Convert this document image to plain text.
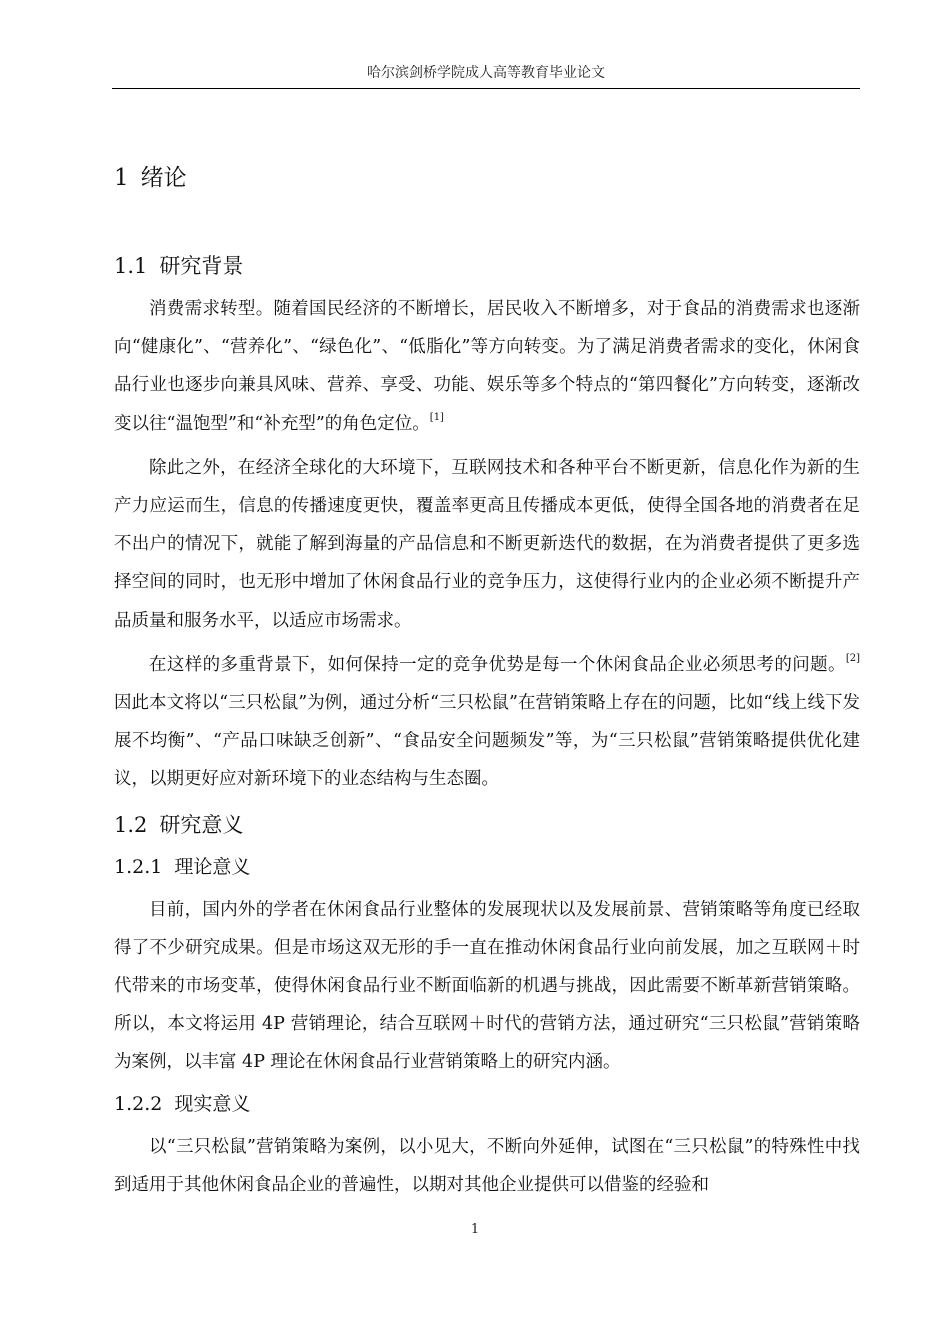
哈尔滨剑桥学院成人高等教育毕业论文
1 绪论
1.1 研究背景

消费需求转型。随着国民经济的不断增长，居民收入不断增多，对于食品的消费需求也逐渐向“健康化”、“营养化”、“绿色化”、“低脂化”等方向转变。为了满足消费者需求的变化，休闲食品行业也逐步向兼具风味、营养、享受、功能、娱乐等多个特点的“第四餐化”方向转变，逐渐改变以往“温饱型”和“补充型”的角色定位。[1]

除此之外，在经济全球化的大环境下，互联网技术和各种平台不断更新，信息化作为新的生产力应运而生，信息的传播速度更快，覆盖率更高且传播成本更低，使得全国各地的消费者在足不出户的情况下，就能了解到海量的产品信息和不断更新迭代的数据，在为消费者提供了更多选择空间的同时，也无形中增加了休闲食品行业的竞争压力，这使得行业内的企业必须不断提升产品质量和服务水平，以适应市场需求。

在这样的多重背景下，如何保持一定的竞争优势是每一个休闲食品企业必须思考的问题。[2]因此本文将以“三只松鼠”为例，通过分析“三只松鼠”在营销策略上存在的问题，比如“线上线下发展不均衡”、“产品口味缺乏创新”、“食品安全问题频发”等，为“三只松鼠”营销策略提供优化建议，以期更好应对新环境下的业态结构与生态圈。

1.2 研究意义
1.2.1 理论意义

目前，国内外的学者在休闲食品行业整体的发展现状以及发展前景、营销策略等角度已经取得了不少研究成果。但是市场这双无形的手一直在推动休闲食品行业向前发展，加之互联网＋时代带来的市场变革，使得休闲食品行业不断面临新的机遇与挑战，因此需要不断革新营销策略。所以，本文将运用 4P 营销理论，结合互联网＋时代的营销方法，通过研究“三只松鼠”营销策略为案例，以丰富 4P 理论在休闲食品行业营销策略上的研究内涵。

1.2.2 现实意义

以“三只松鼠”营销策略为案例，以小见大，不断向外延伸，试图在“三只松鼠”的特殊性中找到适用于其他休闲食品企业的普遍性，以期对其他企业提供可以借鉴的经验和

1
